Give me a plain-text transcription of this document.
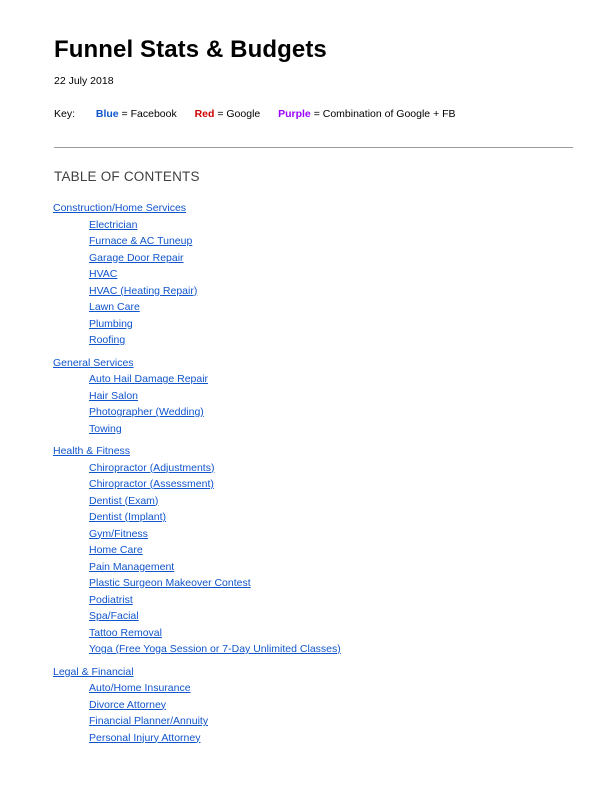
Funnel Stats & Budgets
22 July 2018
Key: Blue = Facebook Red = Google Purple = Combination of Google + FB
TABLE OF CONTENTS
Construction/Home Services
Electrician
Furnace & AC Tuneup
Garage Door Repair
HVAC
HVAC (Heating Repair)
Lawn Care
Plumbing
Roofing
General Services
Auto Hail Damage Repair
Hair Salon
Photographer (Wedding)
Towing
Health & Fitness
Chiropractor (Adjustments)
Chiropractor (Assessment)
Dentist (Exam)
Dentist (Implant)
Gym/Fitness
Home Care
Pain Management
Plastic Surgeon Makeover Contest
Podiatrist
Spa/Facial
Tattoo Removal
Yoga (Free Yoga Session or 7-Day Unlimited Classes)
Legal & Financial
Auto/Home Insurance
Divorce Attorney
Financial Planner/Annuity
Personal Injury Attorney
